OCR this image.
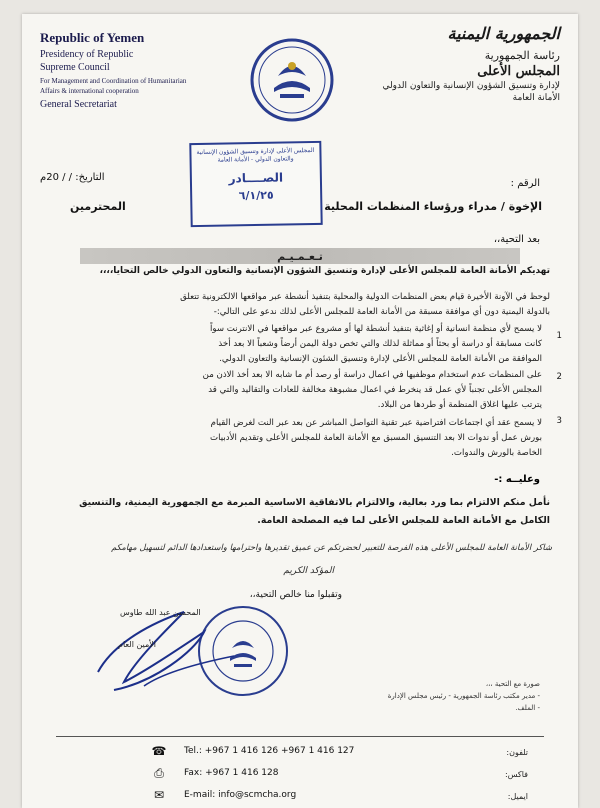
Republic of Yemen
Presidency of Republic
Supreme Council
For Management and Coordination of Humanitarian
Affairs & international cooperation
General Secretariat
الجمهورية اليمنية
رئاسة الجمهورية
المجلس الأعلى
لإدارة وتنسيق الشؤون الإنسانية والتعاون الدولي
الأمانة العامة
المجلس الأعلى لإدارة وتنسيق الشؤون الإنسانية
والتعاون الدولي - الأمانة العامة
الصــــادر
٦/١/٢٥
التاريخ: / / 20م
الرقم :
الإخوة / مدراء ورؤساء المنظمات المحلية
المحترمين
بعد التحية،،
تـعـمـيـم
تهديكم الأمانة العامة للمجلس الأعلى لإدارة وتنسيق الشؤون الإنسانية والتعاون الدولي خالص التحايا،،،،
لوحظ في الآونة الأخيرة قيام بعض المنظمات الدولية والمحلية بتنفيذ أنشطة عبر مواقعها الالكترونية تتعلق
بالدولة اليمنية دون أي موافقة مسبقة من الأمانة العامة للمجلس الأعلى لذلك ندعو على التالي:-
لا يسمح لأي منظمة انسانية أو إغاثية بتنفيذ أنشطة لها أو مشروع عبر مواقعها في الانترنت سواً
كانت مسابقة أو دراسة أو بحثاً أو مماثلة لذلك والتي تخص دولة اليمن أرضاً وشعباً الا بعد أخذ
الموافقة من الأمانة العامة للمجلس الأعلى لإدارة وتنسيق الشئون الإنسانية والتعاون الدولي.
1
على المنظمات عدم استخدام موظفيها في اعمال دراسة أو رصد أم ما شابه الا بعد أخذ الاذن من
المجلس الأعلى تجنباً لأي عمل قد ينخرط في اعمال مشبوهة مخالفة للعادات والتقاليد والتي قد
يترتب عليها اغلاق المنظمة أو طردها من البلاد.
2
لا يسمح عقد أي اجتماعات افتراضية عبر تقنية التواصل المباشر عن بعد عبر النت لغرض القيام
بورش عمل أو ندوات الا بعد التنسيق المسبق مع الأمانة العامة للمجلس الأعلى وتقديم الأدبيات
الخاصة بالورش والندوات.
3
وعليــه :-
نأمل منكم الالتزام بما ورد بعالية، والالتزام بالاتفاقية الاساسية المبرمة مع الجمهورية اليمنية، والتنسيق
الكامل مع الأمانة العامة للمجلس الأعلى لما فيه المصلحة العامة.
شاكر الأمانة العامة للمجلس الأعلى هذه الفرصة للتعبير لحضرتكم عن عميق تقديرها واحترامها واستعدادها الدائم لتسهيل مهامكم
المؤكد الكريم
وتقبلوا منا خالص التحية،،
المحسن عبد الله طاوس
الأمين العام
صورة مع التحية ،،،
- مدير مكتب رئاسة الجمهورية - رئيس مجلس الإدارة
- الملف.
☎
⎙
✉
Tel.: +967 1 416 126 +967 1 416 127
Fax: +967 1 416 128
E-mail: info@scmcha.org
تلفون:
فاكس:
ايميل:
